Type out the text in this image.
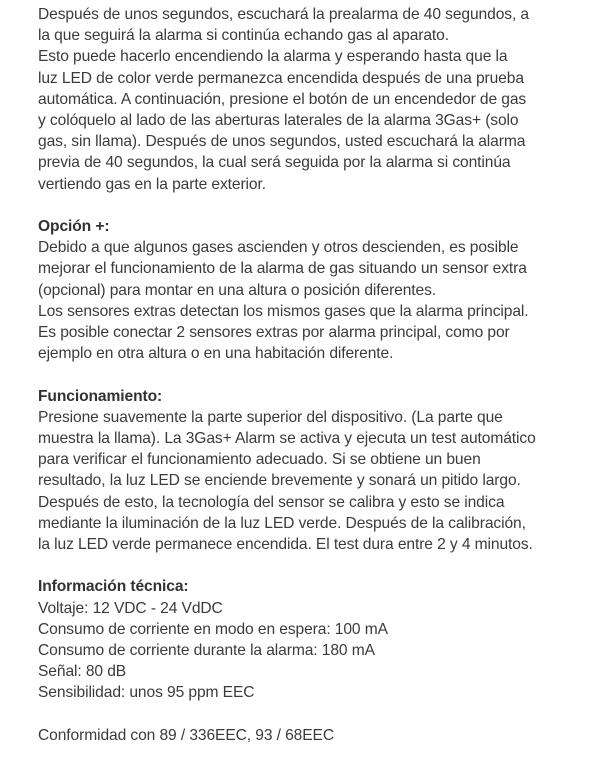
Después de unos segundos, escuchará la prealarma de 40 segundos, a
la que seguirá la alarma si continúa echando gas al aparato.
Esto puede hacerlo encendiendo la alarma y esperando hasta que la
luz LED de color verde permanezca encendida después de una prueba
automática. A continuación, presione el botón de un encendedor de gas
y colóquelo al lado de las aberturas laterales de la alarma 3Gas+ (solo
gas, sin llama). Después de unos segundos, usted escuchará la alarma
previa de 40 segundos, la cual será seguida por la alarma si continúa
vertiendo gas en la parte exterior.
Opción +:
Debido a que algunos gases ascienden y otros descienden, es posible
mejorar el funcionamiento de la alarma de gas situando un sensor extra
(opcional) para montar en una altura o posición diferentes.
Los sensores extras detectan los mismos gases que la alarma principal.
Es posible conectar 2 sensores extras por alarma principal, como por
ejemplo en otra altura o en una habitación diferente.
Funcionamiento:
Presione suavemente la parte superior del dispositivo. (La parte que
muestra la llama). La 3Gas+ Alarm se activa y ejecuta un test automático
para verificar el funcionamiento adecuado. Si se obtiene un buen
resultado, la luz LED se enciende brevemente y sonará un pitido largo.
Después de esto, la tecnología del sensor se calibra y esto se indica
mediante la iluminación de la luz LED verde. Después de la calibración,
la luz LED verde permanece encendida. El test dura entre 2 y 4 minutos.
Información técnica:
Voltaje: 12 VDC - 24 VdDC
Consumo de corriente en modo en espera: 100 mA
Consumo de corriente durante la alarma: 180 mA
Señal: 80 dB
Sensibilidad: unos 95 ppm EEC
Conformidad con 89 / 336EEC, 93 / 68EEC
